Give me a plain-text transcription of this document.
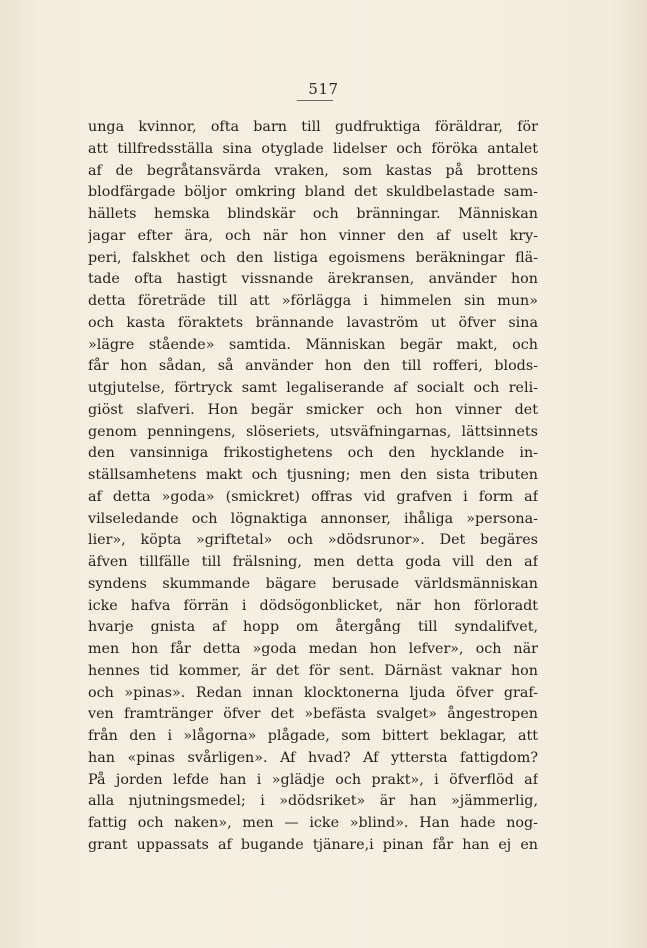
517
unga kvinnor, ofta barn till gudfruktiga föräldrar, för
att tillfredsställa sina otyglade lidelser och föröka antalet
af de begråtansvärda vraken, som kastas på brottens
blodfärgade böljor omkring bland det skuldbelastade sam-
hällets hemska blindskär och bränningar. Människan
jagar efter ära, och när hon vinner den af uselt kry-
peri, falskhet och den listiga egoismens beräkningar flä-
tade ofta hastigt vissnande ärekransen, använder hon
detta företräde till att »förlägga i himmelen sin mun»
och kasta föraktets brännande lavaström ut öfver sina
»lägre stående» samtida. Människan begär makt, och
får hon sådan, så använder hon den till rofferi, blods-
utgjutelse, förtryck samt legaliserande af socialt och reli-
giöst slafveri. Hon begär smicker och hon vinner det
genom penningens, slöseriets, utsväfningarnas, lättsinnets
den vansinniga frikostighetens och den hycklande in-
ställsamhetens makt och tjusning; men den sista tributen
af detta »goda» (smickret) offras vid grafven i form af
vilseledande och lögnaktiga annonser, ihåliga »persona-
lier», köpta »griftetal» och »dödsrunor». Det begäres
äfven tillfälle till frälsning, men detta goda vill den af
syndens skummande bägare berusade världsmänniskan
icke hafva förrän i dödsögonblicket, när hon förloradt
hvarje gnista af hopp om återgång till syndalifvet,
men hon får detta »goda medan hon lefver», och när
hennes tid kommer, är det för sent. Därnäst vaknar hon
och »pinas». Redan innan klocktonerna ljuda öfver graf-
ven framtränger öfver det »befästa svalget» ångestropen
från den i »lågorna» plågade, som bittert beklagar, att
han «pinas svårligen». Af hvad? Af yttersta fattigdom?
På jorden lefde han i »glädje och prakt», i öfverflöd af
alla njutningsmedel; i »dödsriket» är han »jämmerlig,
fattig och naken», men — icke »blind». Han hade nog-
grant uppassats af bugande tjänare,i pinan får han ej en
